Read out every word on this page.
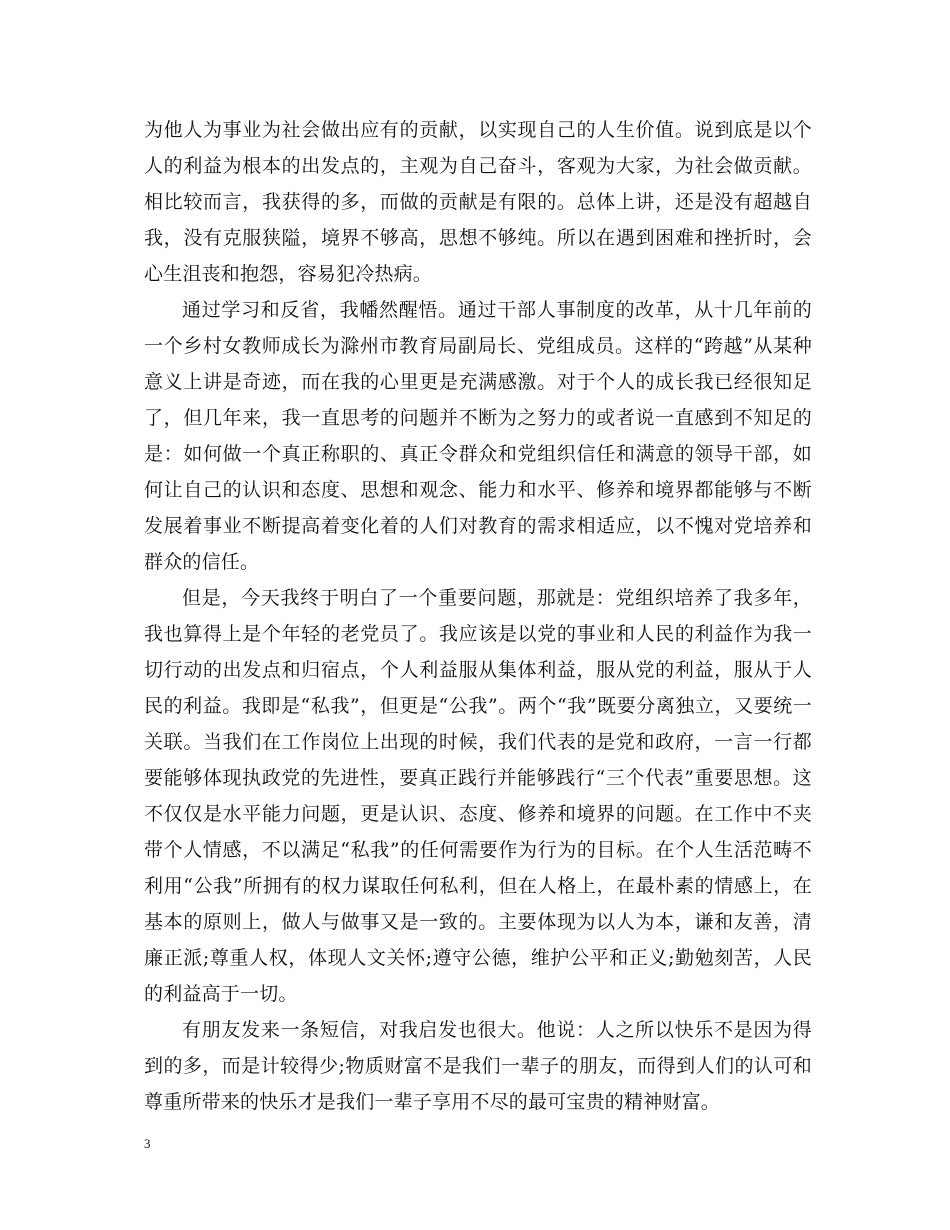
为他人为事业为社会做出应有的贡献，以实现自己的人生价值。说到底是以个人的利益为根本的出发点的，主观为自己奋斗，客观为大家，为社会做贡献。相比较而言，我获得的多，而做的贡献是有限的。总体上讲，还是没有超越自我，没有克服狭隘，境界不够高，思想不够纯。所以在遇到困难和挫折时，会心生沮丧和抱怨，容易犯冷热病。

通过学习和反省，我幡然醒悟。通过干部人事制度的改革，从十几年前的一个乡村女教师成长为滁州市教育局副局长、党组成员。这样的“跨越”从某种意义上讲是奇迹，而在我的心里更是充满感激。对于个人的成长我已经很知足了，但几年来，我一直思考的问题并不断为之努力的或者说一直感到不知足的是：如何做一个真正称职的、真正令群众和党组织信任和满意的领导干部，如何让自己的认识和态度、思想和观念、能力和水平、修养和境界都能够与不断发展着事业不断提高着变化着的人们对教育的需求相适应，以不愧对党培养和群众的信任。

但是，今天我终于明白了一个重要问题，那就是：党组织培养了我多年，我也算得上是个年轻的老党员了。我应该是以党的事业和人民的利益作为我一切行动的出发点和归宿点，个人利益服从集体利益，服从党的利益，服从于人民的利益。我即是“私我”，但更是“公我”。两个“我”既要分离独立，又要统一关联。当我们在工作岗位上出现的时候，我们代表的是党和政府，一言一行都要能够体现执政党的先进性，要真正践行并能够践行“三个代表”重要思想。这不仅仅是水平能力问题，更是认识、态度、修养和境界的问题。在工作中不夹带个人情感，不以满足“私我”的任何需要作为行为的目标。在个人生活范畴不利用“公我”所拥有的权力谋取任何私利，但在人格上，在最朴素的情感上，在基本的原则上，做人与做事又是一致的。主要体现为以人为本，谦和友善，清廉正派;尊重人权，体现人文关怀;遵守公德，维护公平和正义;勤勉刻苦，人民的利益高于一切。

有朋友发来一条短信，对我启发也很大。他说：人之所以快乐不是因为得到的多，而是计较得少;物质财富不是我们一辈子的朋友，而得到人们的认可和尊重所带来的快乐才是我们一辈子享用不尽的最可宝贵的精神财富。

3
